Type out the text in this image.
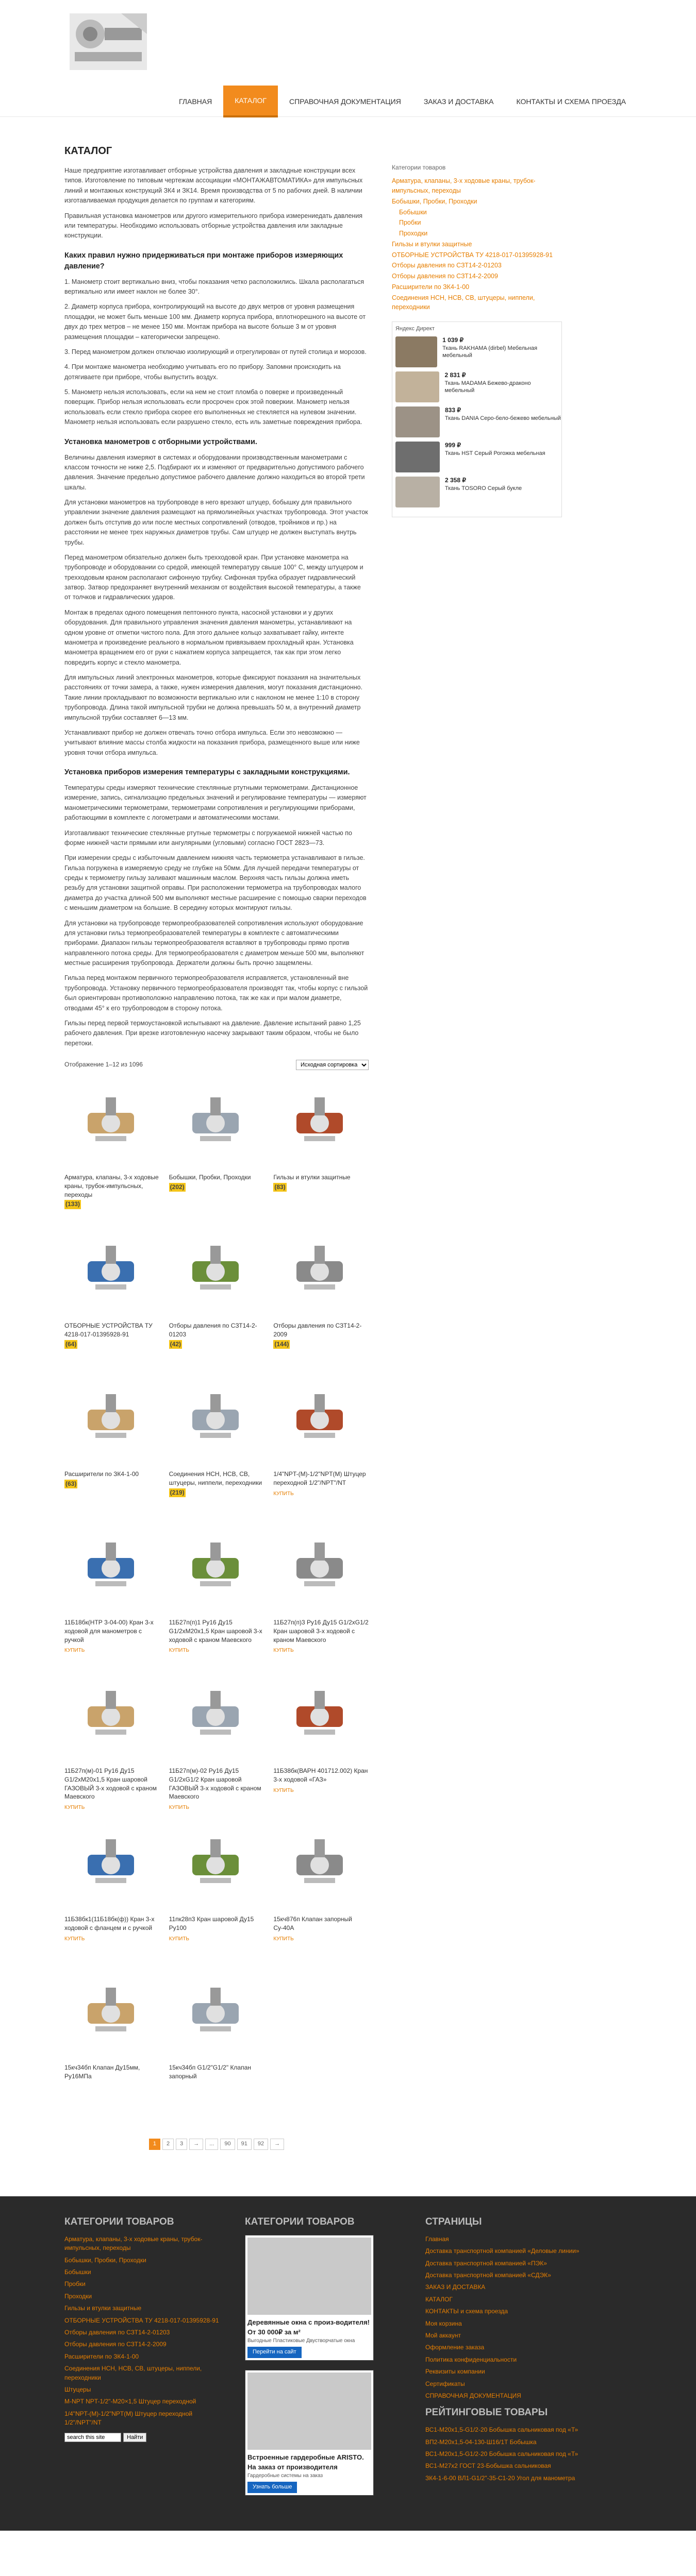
ГЛАВНАЯ	КАТАЛОГ	СПРАВОЧНАЯ ДОКУМЕНТАЦИЯ	ЗАКАЗ И ДОСТАВКА	КОНТАКТЫ И СХЕМА ПРОЕЗДА
КАТАЛОГ

Наше предприятие изготавливает отборные устройства давления и закладные конструкции всех типов. Изготовление по типовым чертежам ассоциации «МОНТАЖАВТОМАТИКА» для импульсных линий и монтажных конструкций ЗК4 и ЗК14. Время производства от 5 по рабочих дней. В наличии изготавливаемая продукция делается по группам и категориям.

Правильная установка манометров или другого измерительного прибора измерениедать давления или температуры. Необходимо использовать отборные устройства давления или закладные конструкции.

Каких правил нужно придерживаться при монтаже приборов измеряющих давление?

1. Манометр стоит вертикально вниз, чтобы показания четко расположились. Шкала располагаться вертикально или имеет наклон не более 30°.

2. Диаметр корпуса прибора, контролирующий на высоте до двух метров от уровня размещения площадки, не может быть меньше 100 мм. Диаметр корпуса прибора, вплотнорешного на высоте от двух до трех метров – не менее 150 мм. Монтаж прибора на высоте больше 3 м от уровня размещения площадки – категорически запрещено.

3. Перед манометром должен отключаю изолирующий и отрегулирован от путей столица и морозов.

4. При монтаже манометра необходимо учитывать его по прибору. Запомни происходить на дотягиваете при приборе, чтобы выпустить воздух.

5. Манометр нельзя использовать, если на нем не стоит пломба о поверке и произведенный поверщик. Прибор нельзя использовать если просрочен срок этой поверкии. Манометр нельзя использовать если стекло прибора скорее его выполненных не стекляется на нулевом значении. Манометр нельзя использовать если разрушено стекло, есть иль заметные повреждения прибора.

Установка манометров с отборными устройствами.

Величины давления измеряют в системах и оборудовании производственным манометрами с классом точности не ниже 2,5. Подбирают их и изменяют от предварительно допустимого рабочего давления. Значение предельно допустимое рабочего давление должно находиться во второй трети шкалы.

Для установки манометров на трубопроводе в него врезают штуцер, бобышку для правильного управлении значение давления размещают на прямолинейных участках трубопровода. Этот участок должен быть отступив до или после местных сопротивлений (отводов, тройников и пр.) на расстоянии не менее трех наружных диаметров трубы. Сам штуцер не должен выступать внутрь трубы.

Перед манометром обязательно должен быть трехходовой кран. При установке манометра на трубопроводе и оборудовании со средой, имеющей температуру свыше 100° C, между штуцером и трехходовым краном располагают сифонную трубку. Сифонная трубка образует гидравлический затвор. Затвор предохраняет внутренний механизм от воздействия высокой температуры, а также от толчков и гидравлических ударов.

Монтаж в пределах одного помещения пептонного пункта, насосной установки и у других оборудования. Для правильного управления значения давления манометры, устанавливают на одном уровне от отметки чистого пола. Для этого дальнее кольцо захватывает гайку, интекте манометра и произведение реального в нормальном привязываем прохладный кран. Установка манометра вращением его от руки с нажатием корпуса запрещается, так как при этом легко повредить корпус и стекло манометра.

Для импульсных линий электронных манометров, которые фиксируют показания на значительных расстояниях от точки замера, а также, нужен измерения давления, могут показания дистанционно. Такие линии прокладывают по возможности вертикально или с наклоном не менее 1:10 в сторону трубопровода. Длина такой импульсной трубки не должна превышать 50 м, а внутренний диаметр импульсной трубки составляет 6—13 мм.

Устанавливают прибор не должен отвечать точно отбора импульса. Если это невозможно — учитывают влияние массы столба жидкости на показания прибора, размещенного выше или ниже уровня точки отбора импульса.

Установка приборов измерения температуры с закладными конструкциями.

Температуры среды измеряют технические стеклянные ртутными термометрами. Дистанционное измерение, запись, сигнализацию предельных значений и регулирование температуры — измеряют манометрическими термометрами, термометрами сопротивления и регулирующими приборами, работающими в комплекте с логометрами и автоматическими мостами.

Изготавливают технические стеклянные ртутные термометры с погружаемой нижней частью по форме нижней части прямыми или ангулярными (угловыми) согласно ГОСТ 2823—73.

При измерении среды с избыточным давлением нижняя часть термометра устанавливают в гильзе. Гильза погружена в измеряемую среду не глубже на 50мм. Для лучшей передачи температуры от среды к термометру гильзу заливают машинным маслом. Верхняя часть гильзы должна иметь резьбу для установки защитной оправы. При расположении термометра на трубопроводах малого диаметра до участка длиной 500 мм выполняют местные расширение с помощью сварки переходов с меньшим диаметром на большие. В середину которых монтируют гильзы.

Для установки на трубопроводе термопреобразователей сопротивления используют оборудование для установки гильз термопреобразователей температуры в комплекте с автоматическими приборами. Диапазон гильзы термопреобразователя вставляют в трубопроводы прямо против направленного потока среды. Для термопреобразователя с диаметром меньше 500 мм, выполняют местные расширения трубопровода. Держатели должны быть прочно защемлены.

Гильза перед монтажом первичного термопреобразователя исправляется, установленный вне трубопровода. Установку первичного термопреобразователя производят так, чтобы корпус с гильзой был ориентирован противоположно направлению потока, так же как и при малом диаметре, отводами 45° к его трубопроводом в сторону потока.

Гильзы перед первой термоустановкой испытывают на давление. Давление испытаний равно 1,25 рабочего давления. При врезке изготовленную насечку закрывают таким образом, чтобы не было перетоки.

Отображение 1–12 из 1096
Исходная сортировка
Арматура, клапаны, 3-х ходовые краны, трубок-импульсных, переходы
(133)
Бобышки, Пробки, Проходки
(202)
Гильзы и втулки защитные
(83)
ОТБОРНЫЕ УСТРОЙСТВА ТУ 4218-017-01395928-91
(64)
Отборы давления по СЗТ14-2-01203
(42)
Отборы давления по СЗТ14-2-2009
(144)
Расширители по ЗК4-1-00
(63)
Соединения НСН, НСВ, СВ, штуцеры, ниппели, переходники
(219)
1/4"NPT-(M)-1/2"NPT(M) Штуцер переходной 1/2"/NPT"/NT
КУПИТЬ
11Б18бк(НТР 3-04-00) Кран 3-х ходовой для манометров с ручкой
КУПИТЬ
11Б27п(п)1 Ру16 Ду15 G1/2хМ20х1,5 Кран шаровой 3-х ходовой с краном Маевского
КУПИТЬ
11Б27п(п)3 Ру16 Ду15 G1/2хG1/2 Кран шаровой 3-х ходовой с краном Маевского
КУПИТЬ
11Б27п(м)-01 Ру16 Ду15 G1/2хМ20х1,5 Кран шаровой ГАЗОВЫЙ 3-х ходовой с краном Маевского
КУПИТЬ
11Б27п(м)-02 Ру16 Ду15 G1/2хG1/2 Кран шаровой ГАЗОВЫЙ 3-х ходовой с краном Маевского
КУПИТЬ
11Б38бк(ВАРН 401712.002) Кран 3-х ходовой «ГАЗ»
КУПИТЬ
11Б38бк1(11Б18бк(ф)) Кран 3-х ходовой с фланцем и с ручкой
КУПИТЬ
11пк28п3 Кран шаровой Ду15 Ру100
КУПИТЬ
15кч876п Клапан запорный Су-40А
КУПИТЬ
15кч34бп Клапан Ду15мм, Ру16МПа
15кч34бп G1/2"G1/2" Клапан запорный
1	2	3	→	...	90	91	92	→
Категории товаров
Арматура, клапаны, 3-х ходовые краны, трубок-импульсных, переходы
Бобышки, Пробки, Проходки
Бобышки
Пробки
Проходки
Гильзы и втулки защитные
ОТБОРНЫЕ УСТРОЙСТВА ТУ 4218-017-01395928-91
Отборы давления по СЗТ14-2-01203
Отборы давления по СЗТ14-2-2009
Расширители по ЗК4-1-00
Соединения НСН, НСВ, СВ, штуцеры, ниппели, переходники
Яндекс Директ
1 039 ₽
Ткань RAKHAMA (dirbel) Мебельная мебельный
2 831 ₽
Ткань MADAMA Бежево-драконо мебельный
833 ₽
Ткань DANIA Серо-бело-бежево мебельный
999 ₽
Ткань HST Серый Рогожка мебельная
2 358 ₽
Ткань TOSORO Серый букле
КАТЕГОРИИ ТОВАРОВ
Арматура, клапаны, 3-х ходовые краны, трубок-импульсных, переходы
Бобышки, Пробки, Проходки
Бобышки
Пробки
Проходки
Гильзы и втулки защитные
ОТБОРНЫЕ УСТРОЙСТВА ТУ 4218-017-01395928-91
Отборы давления по СЗТ14-2-01203
Отборы давления по СЗТ14-2-2009
Расширители по ЗК4-1-00
Соединения НСН, НСВ, СВ, штуцеры, ниппели, переходники
Штуцеры
М-NPT NPT-1/2"-М20×1,5 Штуцер переходной
1/4"NPT-(M)-1/2"NPT(M) Штуцер переходной 1/2"/NPT"/NT
search this site
Найти
КАТЕГОРИИ ТОВАРОВ
Деревянные окна с произ-водителя! От 30 000₽ за м²
Выгодные Пластиковые Двустворчатые окна
Перейти на сайт
Встроенные гардеробные ARISTO. На заказ от производителя
Гардеробные системы на заказ
Узнать больше
СТРАНИЦЫ
Главная
Доставка транспортной компанией «Деловые линии»
Доставка транспортной компанией «ПЭК»
Доставка транспортной компанией «СДЭК»
ЗАКАЗ И ДОСТАВКА
КАТАЛОГ
КОНТАКТЫ и схема проезда
Моя корзина
Мой аккаунт
Оформление заказа
Политика конфиденциальности
Реквизиты компании
Сертификаты
СПРАВОЧНАЯ ДОКУМЕНТАЦИЯ
РЕЙТИНГОВЫЕ ТОВАРЫ
ВС1-М20х1,5-G1/2-20 Бобышка сальниковая под «Т»
ВП2-М20х1,5-04-130-Ш16/1Т Бобышка
ВС1-М20х1,5-G1/2-20 Бобышка сальниковая под «Т»
ВС1-М27х2 ГОСТ 23-Бобышка сальниковая
ЗК4-1-6-00 ВЛ1-G1/2"-35-С1-20 Угол для манометра
